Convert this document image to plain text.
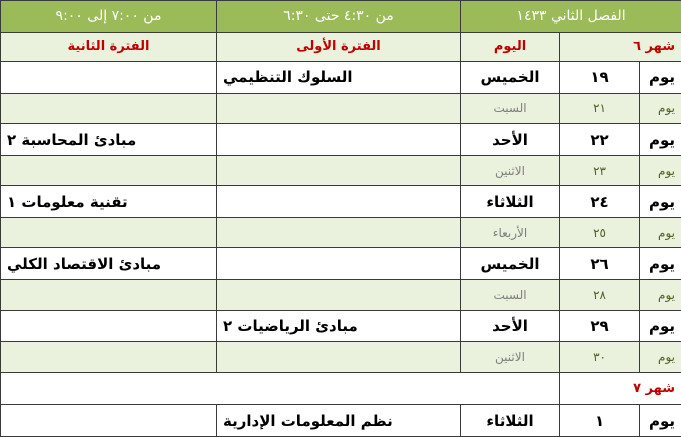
الفصل الثاني ١٤٣٣			من ٤:٣٠ حتى ٦:٣٠	من ٧:٠٠ إلى ٩:٠٠
شهر ٦		اليوم	الفترة الأولى	الفترة الثانية
يوم	١٩	الخميس	السلوك التنظيمي	
يوم	٢١	السبت		
يوم	٢٢	الأحد		مبادئ المحاسبة ٢
يوم	٢٣	الاثنين		
يوم	٢٤	الثلاثاء		تقنية معلومات ١
يوم	٢٥	الأربعاء		
يوم	٢٦	الخميس		مبادئ الاقتصاد الكلي
يوم	٢٨	السبت		
يوم	٢٩	الأحد	مبادئ الرياضيات ٢	
يوم	٣٠	الاثنين		
شهر ٧				
يوم	١	الثلاثاء	نظم المعلومات الإدارية	
